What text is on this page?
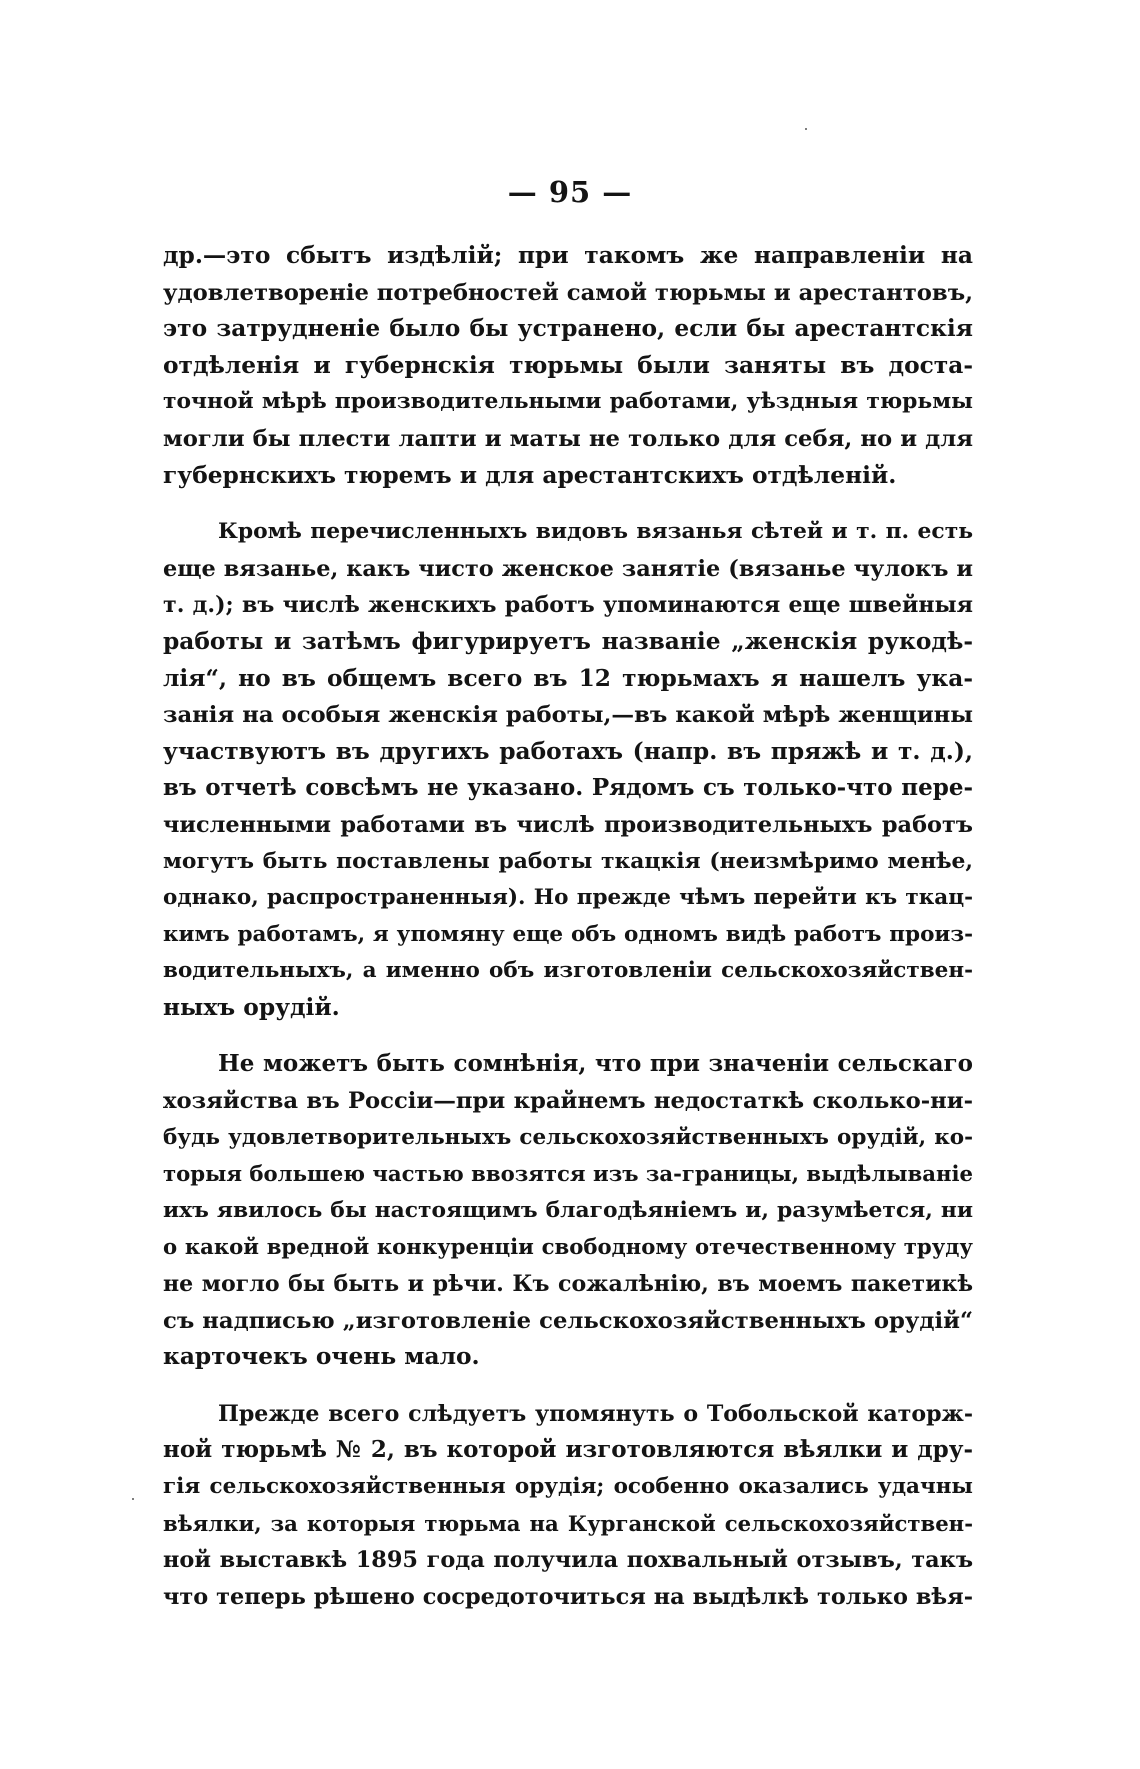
— 95 —
др.—это сбытъ издѣлій; при такомъ же направленіи на
удовлетвореніе потребностей самой тюрьмы и арестантовъ,
это затрудненіе было бы устранено, если бы арестантскія
отдѣленія и губернскія тюрьмы были заняты въ доста-
точной мѣрѣ производительными работами, уѣздныя тюрьмы
могли бы плести лапти и маты не только для себя, но и для
губернскихъ тюремъ и для арестантскихъ отдѣленій.
Кромѣ перечисленныхъ видовъ вязанья сѣтей и т. п. есть
еще вязанье, какъ чисто женское занятіе (вязанье чулокъ и
т. д.); въ числѣ женскихъ работъ упоминаются еще швейныя
работы и затѣмъ фигурируетъ названіе „женскія рукодѣ-
лія“, но въ общемъ всего въ 12 тюрьмахъ я нашелъ ука-
занія на особыя женскія работы,—въ какой мѣрѣ женщины
участвуютъ въ другихъ работахъ (напр. въ пряжѣ и т. д.),
въ отчетѣ совсѣмъ не указано. Рядомъ съ только-что пере-
численными работами въ числѣ производительныхъ работъ
могутъ быть поставлены работы ткацкія (неизмѣримо менѣе,
однако, распространенныя). Но прежде чѣмъ перейти къ ткац-
кимъ работамъ, я упомяну еще объ одномъ видѣ работъ произ-
водительныхъ, а именно объ изготовленіи сельскохозяйствен-
ныхъ орудій.
Не можетъ быть сомнѣнія, что при значеніи сельскаго
хозяйства въ Россіи—при крайнемъ недостаткѣ сколько-ни-
будь удовлетворительныхъ сельскохозяйственныхъ орудій, ко-
торыя большею частью ввозятся изъ за-границы, выдѣлываніе
ихъ явилось бы настоящимъ благодѣяніемъ и, разумѣется, ни
о какой вредной конкуренціи свободному отечественному труду
не могло бы быть и рѣчи. Къ сожалѣнію, въ моемъ пакетикѣ
съ надписью „изготовленіе сельскохозяйственныхъ орудій“
карточекъ очень мало.
Прежде всего слѣдуетъ упомянуть о Тобольской каторж-
ной тюрьмѣ № 2, въ которой изготовляются вѣялки и дру-
гія сельскохозяйственныя орудія; особенно оказались удачны
вѣялки, за которыя тюрьма на Курганской сельскохозяйствен-
ной выставкѣ 1895 года получила похвальный отзывъ, такъ
что теперь рѣшено сосредоточиться на выдѣлкѣ только вѣя-
